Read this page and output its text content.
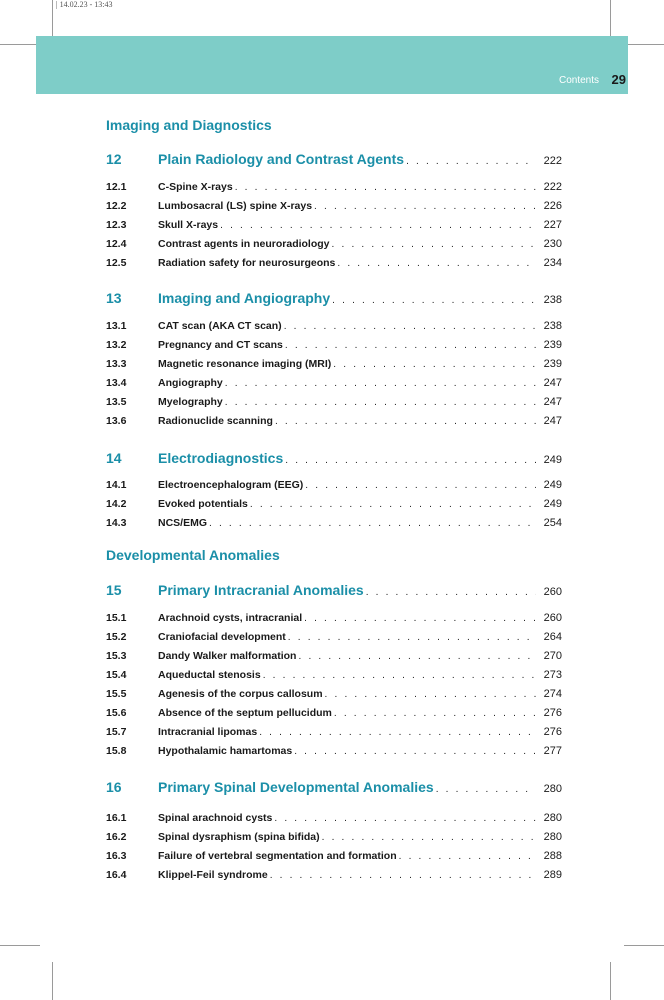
| 14.02.23 - 13:43
Contents 29
Imaging and Diagnostics
12	Plain Radiology and Contrast Agents . . .	222
12.1	C-Spine X-rays . . .	222
12.2	Lumbosacral (LS) spine X-rays . . .	226
12.3	Skull X-rays . . .	227
12.4	Contrast agents in neuroradiology . . .	230
12.5	Radiation safety for neurosurgeons . . .	234
13	Imaging and Angiography . . .	238
13.1	CAT scan (AKA CT scan) . . .	238
13.2	Pregnancy and CT scans . . .	239
13.3	Magnetic resonance imaging (MRI) . . .	239
13.4	Angiography . . .	247
13.5	Myelography . . .	247
13.6	Radionuclide scanning . . .	247
14	Electrodiagnostics . . .	249
14.1	Electroencephalogram (EEG) . . .	249
14.2	Evoked potentials . . .	249
14.3	NCS/EMG . . .	254
Developmental Anomalies
15	Primary Intracranial Anomalies . . .	260
15.1	Arachnoid cysts, intracranial . . .	260
15.2	Craniofacial development . . .	264
15.3	Dandy Walker malformation . . .	270
15.4	Aqueductal stenosis . . .	273
15.5	Agenesis of the corpus callosum . . .	274
15.6	Absence of the septum pellucidum . . .	276
15.7	Intracranial lipomas . . .	276
15.8	Hypothalamic hamartomas . . .	277
16	Primary Spinal Developmental Anomalies . . .	280
16.1	Spinal arachnoid cysts . . .	280
16.2	Spinal dysraphism (spina bifida) . . .	280
16.3	Failure of vertebral segmentation and formation . . .	288
16.4	Klippel-Feil syndrome . . .	289
